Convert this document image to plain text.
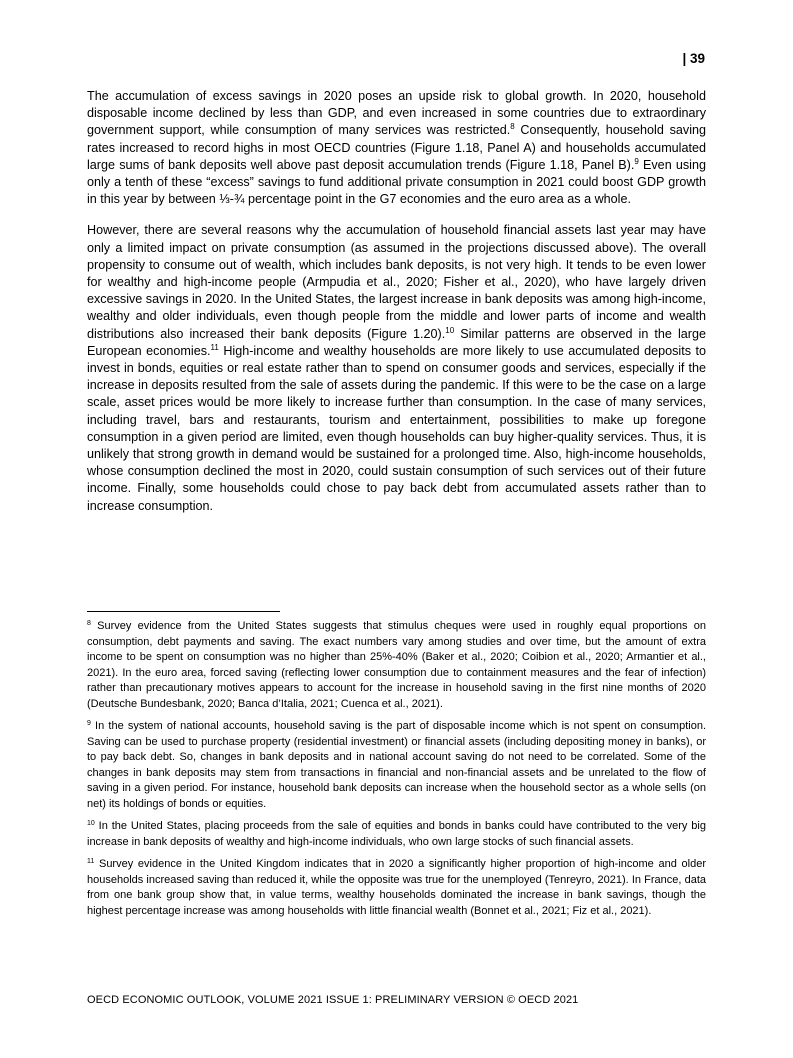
| 39

The accumulation of excess savings in 2020 poses an upside risk to global growth. In 2020, household disposable income declined by less than GDP, and even increased in some countries due to extraordinary government support, while consumption of many services was restricted.$^8$ Consequently, household saving rates increased to record highs in most OECD countries (Figure 1.18, Panel A) and households accumulated large sums of bank deposits well above past deposit accumulation trends (Figure 1.18, Panel B).$^9$ Even using only a tenth of these “excess” savings to fund additional private consumption in 2021 could boost GDP growth in this year by between ⅓-¾ percentage point in the G7 economies and the euro area as a whole.

However, there are several reasons why the accumulation of household financial assets last year may have only a limited impact on private consumption (as assumed in the projections discussed above). The overall propensity to consume out of wealth, which includes bank deposits, is not very high. It tends to be even lower for wealthy and high-income people (Armpudia et al., 2020; Fisher et al., 2020), who have largely driven excessive savings in 2020. In the United States, the largest increase in bank deposits was among high-income, wealthy and older individuals, even though people from the middle and lower parts of income and wealth distributions also increased their bank deposits (Figure 1.20).$^{10}$ Similar patterns are observed in the large European economies.$^{11}$ High-income and wealthy households are more likely to use accumulated deposits to invest in bonds, equities or real estate rather than to spend on consumer goods and services, especially if the increase in deposits resulted from the sale of assets during the pandemic. If this were to be the case on a large scale, asset prices would be more likely to increase further than consumption. In the case of many services, including travel, bars and restaurants, tourism and entertainment, possibilities to make up foregone consumption in a given period are limited, even though households can buy higher-quality services. Thus, it is unlikely that strong growth in demand would be sustained for a prolonged time. Also, high-income households, whose consumption declined the most in 2020, could sustain consumption of such services out of their future income. Finally, some households could chose to pay back debt from accumulated assets rather than to increase consumption.

$^8$ Survey evidence from the United States suggests that stimulus cheques were used in roughly equal proportions on consumption, debt payments and saving. The exact numbers vary among studies and over time, but the amount of extra income to be spent on consumption was no higher than 25%-40% (Baker et al., 2020; Coibion et al., 2020; Armantier et al., 2021). In the euro area, forced saving (reflecting lower consumption due to containment measures and the fear of infection) rather than precautionary motives appears to account for the increase in household saving in the first nine months of 2020 (Deutsche Bundesbank, 2020; Banca d’Italia, 2021; Cuenca et al., 2021).

$^9$ In the system of national accounts, household saving is the part of disposable income which is not spent on consumption. Saving can be used to purchase property (residential investment) or financial assets (including depositing money in banks), or to pay back debt. So, changes in bank deposits and in national account saving do not need to be correlated. Some of the changes in bank deposits may stem from transactions in financial and non-financial assets and be unrelated to the flow of saving in a given period. For instance, household bank deposits can increase when the household sector as a whole sells (on net) its holdings of bonds or equities.

$^{10}$ In the United States, placing proceeds from the sale of equities and bonds in banks could have contributed to the very big increase in bank deposits of wealthy and high-income individuals, who own large stocks of such financial assets.

$^{11}$ Survey evidence in the United Kingdom indicates that in 2020 a significantly higher proportion of high-income and older households increased saving than reduced it, while the opposite was true for the unemployed (Tenreyro, 2021). In France, data from one bank group show that, in value terms, wealthy households dominated the increase in bank savings, though the highest percentage increase was among households with little financial wealth (Bonnet et al., 2021; Fiz et al., 2021).

OECD ECONOMIC OUTLOOK, VOLUME 2021 ISSUE 1: PRELIMINARY VERSION © OECD 2021
